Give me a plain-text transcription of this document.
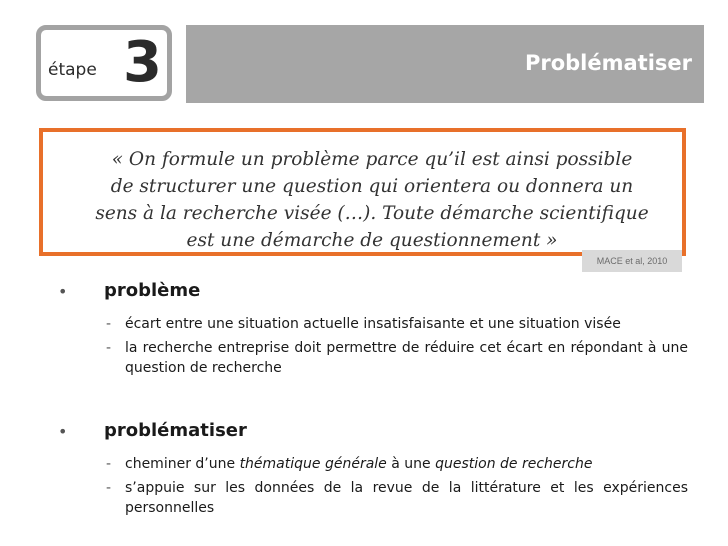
étape 3	Problématiser

« On formule un problème parce qu’il est ainsi possible
de structurer une question qui orientera ou donnera un
sens à la recherche visée (…). Toute démarche scientifique
est une démarche de questionnement »

MACE et al, 2010
• problème
- écart entre une situation actuelle insatisfaisante et une situation visée
- la recherche entreprise doit permettre de réduire cet écart en répondant à une question de recherche
• problématiser
- cheminer d’une thématique générale à une question de recherche
- s’appuie sur les données de la revue de la littérature et les expériences personnelles
